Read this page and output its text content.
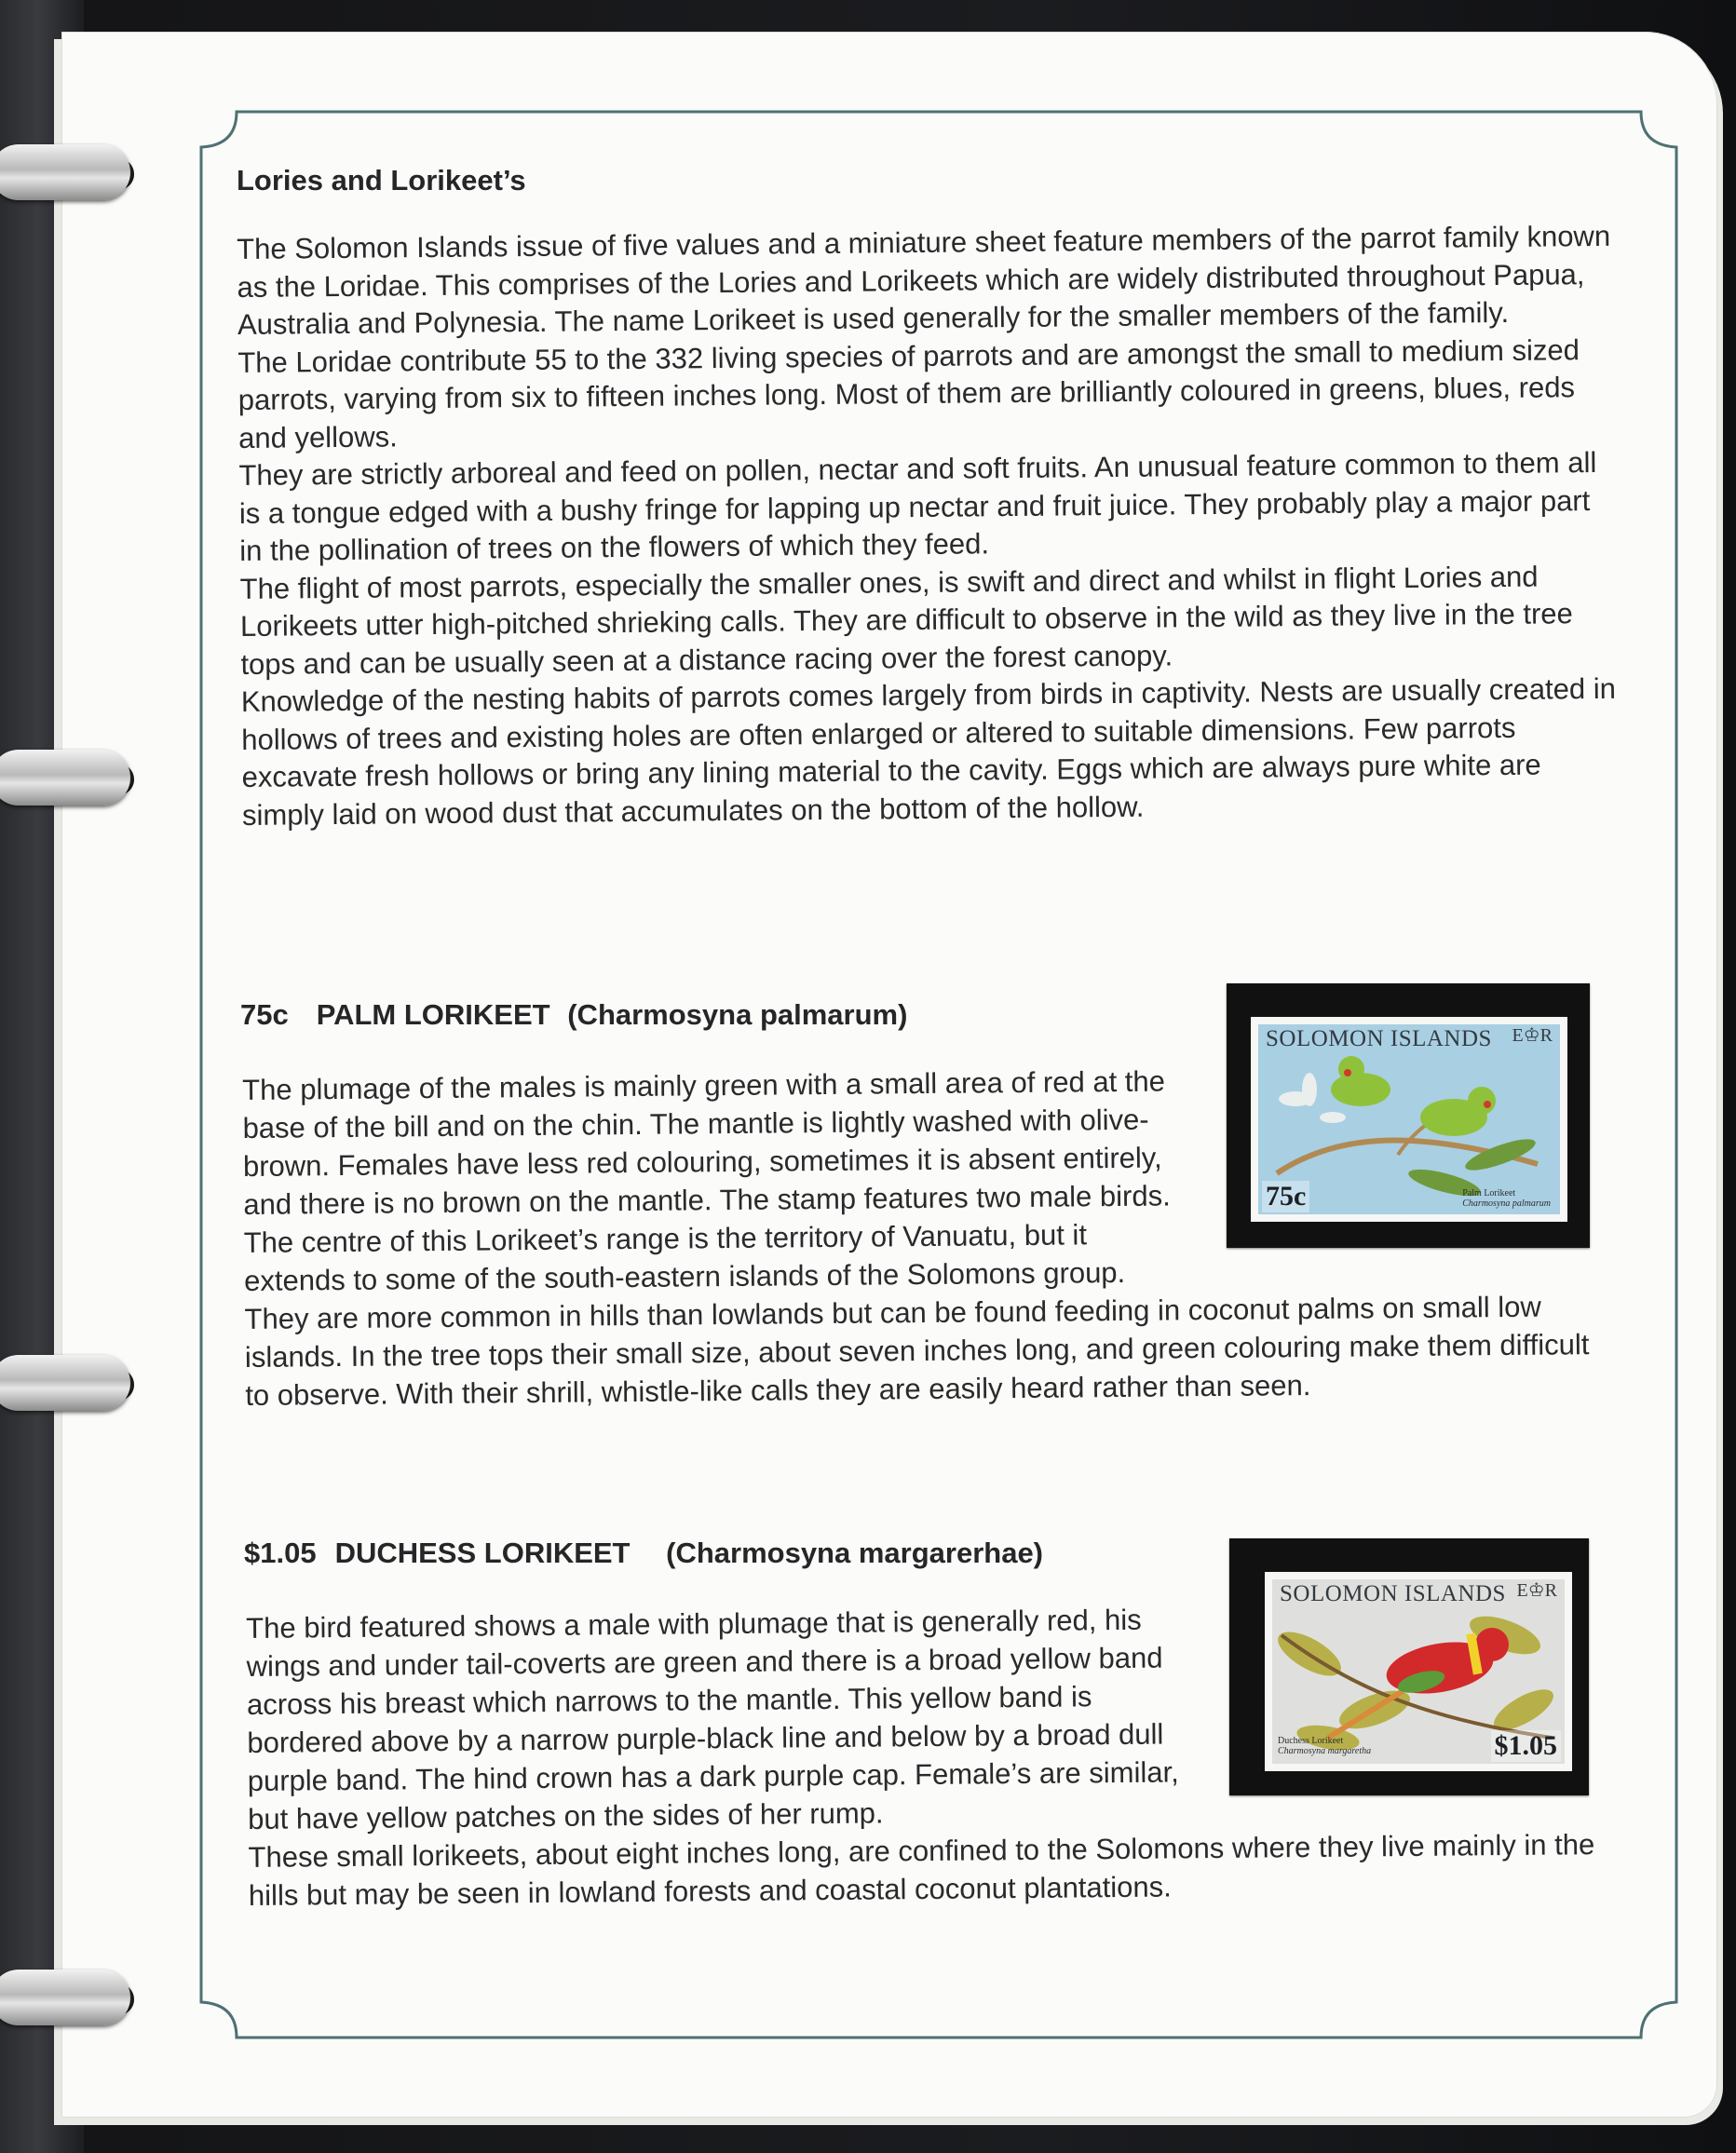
Lories and Lorikeet’s

The Solomon Islands issue of five values and a miniature sheet feature members of the parrot family known as the Loridae. This comprises of the Lories and Lorikeets which are widely distributed throughout Papua, Australia and Polynesia. The name Lorikeet is used generally for the smaller members of the family.

The Loridae contribute 55 to the 332 living species of parrots and are amongst the small to medium sized parrots, varying from six to fifteen inches long. Most of them are brilliantly coloured in greens, blues, reds and yellows.

They are strictly arboreal and feed on pollen, nectar and soft fruits. An unusual feature common to them all is a tongue edged with a bushy fringe for lapping up nectar and fruit juice. They probably play a major part in the pollination of trees on the flowers of which they feed.

The flight of most parrots, especially the smaller ones, is swift and direct and whilst in flight Lories and Lorikeets utter high-pitched shrieking calls. They are difficult to observe in the wild as they live in the tree tops and can be usually seen at a distance racing over the forest canopy.

Knowledge of the nesting habits of parrots comes largely from birds in captivity. Nests are usually created in hollows of trees and existing holes are often enlarged or altered to suitable dimensions. Few parrots excavate fresh hollows or bring any lining material to the cavity. Eggs which are always pure white are simply laid on wood dust that accumulates on the bottom of the hollow.

75c PALM LORIKEET (Charmosyna palmarum)

The plumage of the males is mainly green with a small area of red at the base of the bill and on the chin. The mantle is lightly washed with olive-brown. Females have less red colouring, sometimes it is absent entirely, and there is no brown on the mantle. The stamp features two male birds. The centre of this Lorikeet’s range is the territory of Vanuatu, but it extends to some of the south-eastern islands of the Solomons group.

They are more common in hills than lowlands but can be found feeding in coconut palms on small low islands. In the tree tops their small size, about seven inches long, and green colouring make them difficult to observe. With their shrill, whistle-like calls they are easily heard rather than seen.

SOLOMON ISLANDS E♔R
75c	Palm Lorikeet
Charmosyna palmarum
$1.05 DUCHESS LORIKEET (Charmosyna margarerhae)

The bird featured shows a male with plumage that is generally red, his wings and under tail-coverts are green and there is a broad yellow band across his breast which narrows to the mantle. This yellow band is bordered above by a narrow purple-black line and below by a broad dull purple band. The hind crown has a dark purple cap. Female’s are similar, but have yellow patches on the sides of her rump.

These small lorikeets, about eight inches long, are confined to the Solomons where they live mainly in the hills but may be seen in lowland forests and coastal coconut plantations.

SOLOMON ISLANDS E♔R
Duchess Lorikeet
Charmosyna margaretha	$1.05
